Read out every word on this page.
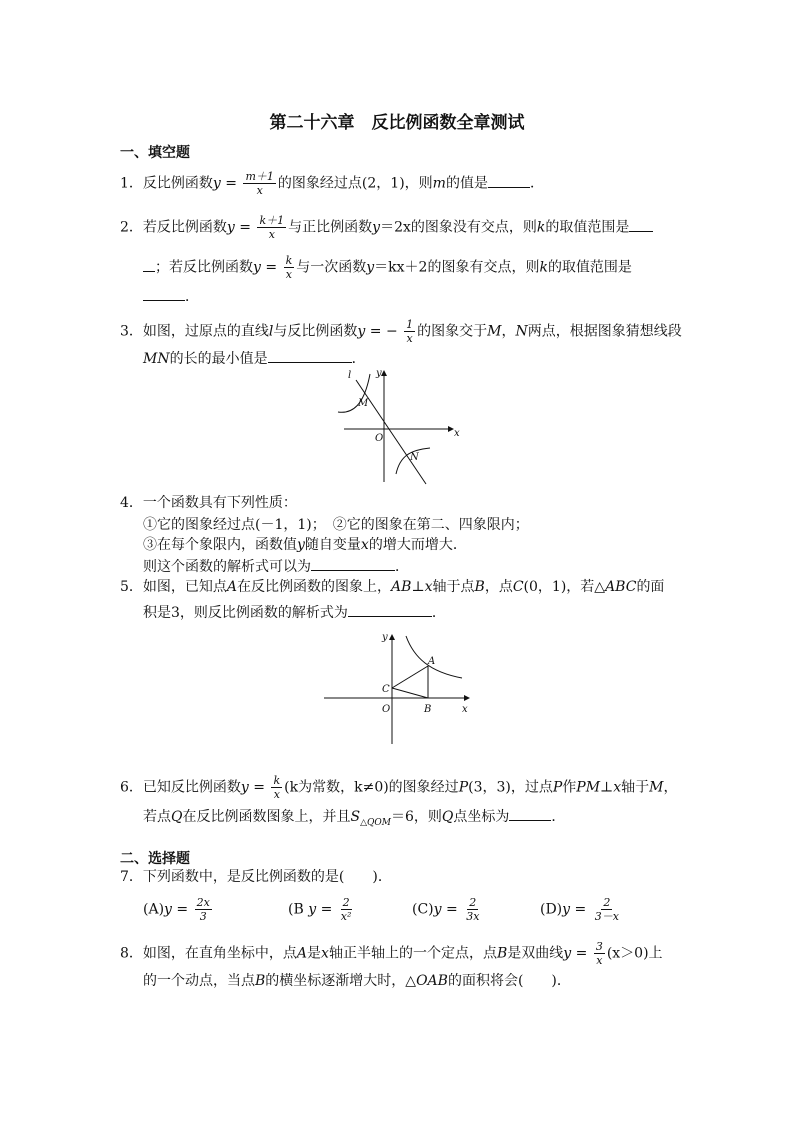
第二十六章　反比例函数全章测试
一、填空题
1．反比例函数$y = \frac{m+1}{x}$ 的图象经过点(2，1)，则m的值是	．
2．若反比例函数$y = \frac{k+1}{x}$ 与正比例函数y＝2x的图象没有交点，则k的取值范围是
；若反比例函数$y = \frac{k}{x}$ 与一次函数y＝kx＋2的图象有交点，则k的取值范围是
．
3．如图，过原点的直线l与反比例函数y = − $\frac{1}{x}$ 的图象交于M，N两点，根据图象猜想线段
MN的长的最小值是	．
l y
M
O	x
N
4．一个函数具有下列性质：
①它的图象经过点(－1，1)；　 ②它的图象在第二、四象限内；
③在每个象限内，函数值y随自变量x的增大而增大．
则这个函数的解析式可以为	．
5．如图，已知点A在反比例函数的图象上，AB⊥x轴于点B，点C(0，1)，若△ABC的面
积是3，则反比例函数的解析式为	．
y
A
C
O	B	x
6．已知反比例函数$y = \frac{k}{x} (k$为常数，k≠0)的图象经过P(3，3)，过点P作PM⊥x轴于M，
若点Q在反比例函数图象上，并且$S_{\triangle QOM}=6$，则Q点坐标为	．
二、选择题
7．下列函数中，是反比例函数的是(　　)．
$(A)y = \frac{2x}{3}$	(B $y = \frac{2}{\text{x²}}$	$(C)y = \frac{2}{3x}$	$(D)y = \frac{2}{3-x}$
8．如图，在直角坐标中，点A是x轴正半轴上的一个定点，点B是双曲线$y = \frac{3}{x} (x>0)$上
的一个动点，当点B的横坐标逐渐增大时，△OAB的面积将会(　　)．
